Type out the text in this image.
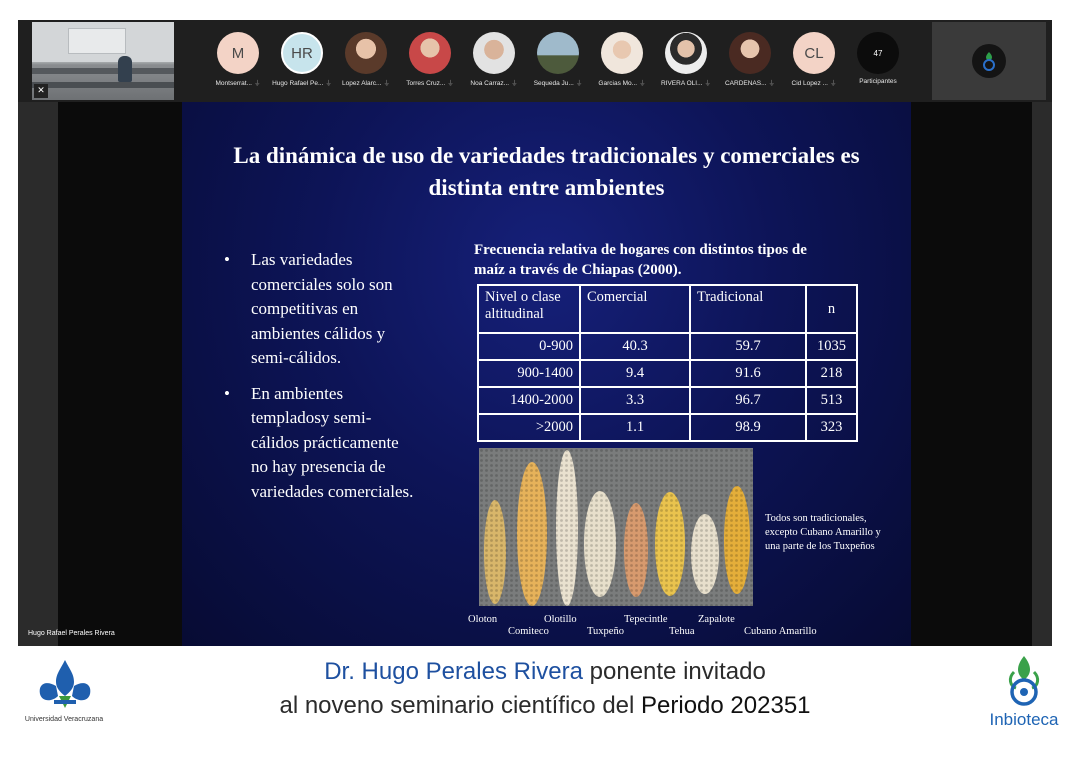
✕
M
Montserrat... ⏚
HR
Hugo Rafael Pe... ⏚	Lopez Alarc... ⏚	Torres Cruz... ⏚	Noa Carraz... ⏚	Sequeda Ju... ⏚	Garcias Mo... ⏚	RIVERA OLI... ⏚	CARDENAS... ⏚
CL
Cid Lopez ... ⏚
47
Participantes
La dinámica de uso de variedades tradicionales y comerciales es distinta entre ambientes
• Las variedades comerciales solo son competitivas en ambientes cálidos y semi-cálidos.
• En ambientes templadosy semi-cálidos prácticamente no hay presencia de variedades comerciales.
Frecuencia relativa de hogares con distintos tipos de maíz a través de Chiapas (2000).
Nivel o clase altitudinal	Comercial	Tradicional	n
0-900	40.3	59.7	1035
900-1400	9.4	91.6	218
1400-2000	3.3	96.7	513
>2000	1.1	98.9	323
Todos son tradicionales, excepto Cubano Amarillo y una parte de los Tuxpeños
Oloton
Comiteco
Olotillo
Tuxpeño
Tepecintle
Tehua
Zapalote
Cubano Amarillo
Hugo Rafael Perales Rivera
Universidad Veracruzana
Dr. Hugo Perales Rivera ponente invitado
al noveno seminario científico del Periodo 202351
Inbioteca
